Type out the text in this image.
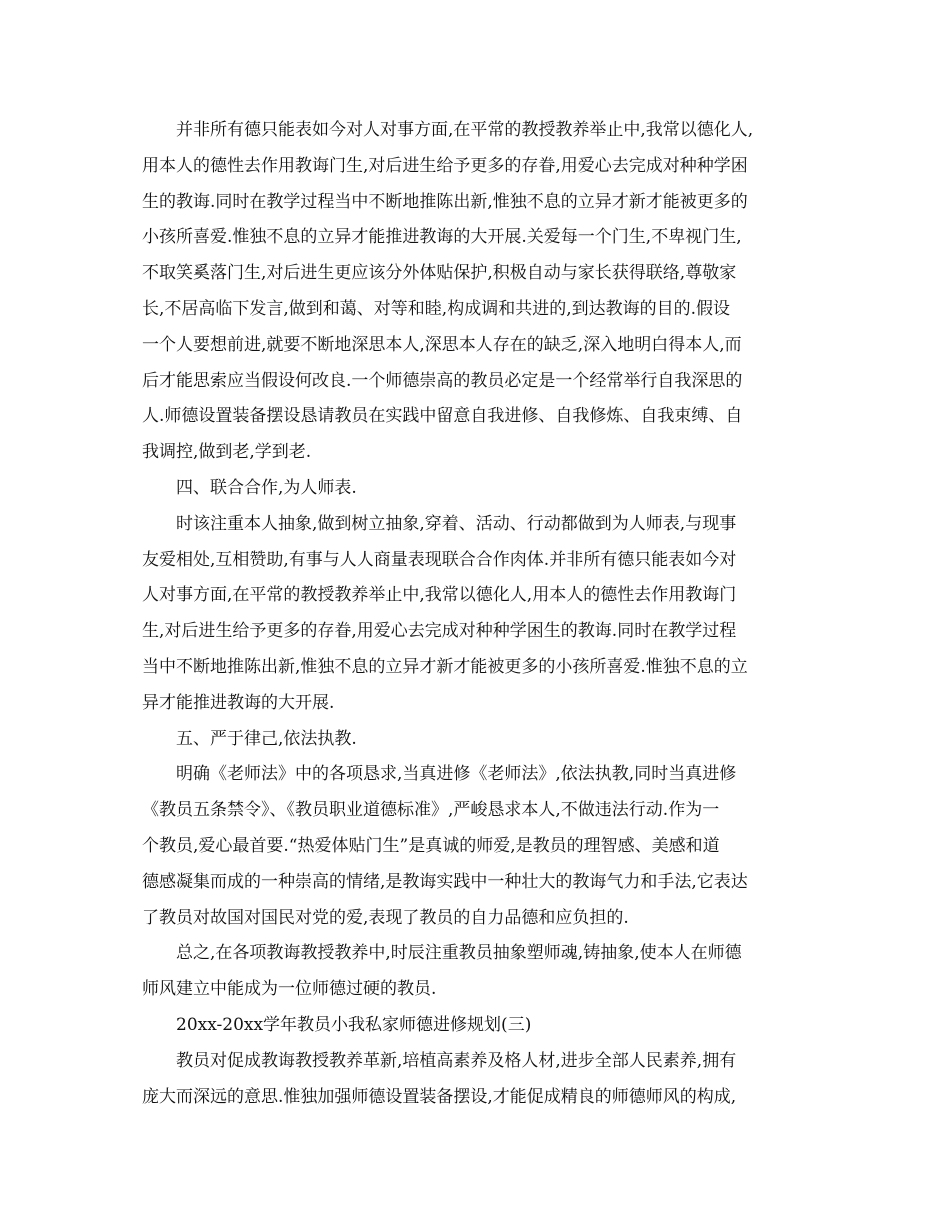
并非所有德只能表如今对人对事方面,在平常的教授教养举止中,我常以德化人,
用本人的德性去作用教诲门生,对后进生给予更多的存眷,用爱心去完成对种种学困
生的教诲.同时在教学过程当中不断地推陈出新,惟独不息的立异才新才能被更多的
小孩所喜爱.惟独不息的立异才能推进教诲的大开展.关爱每一个门生,不卑视门生,
不取笑奚落门生,对后进生更应该分外体贴保护,积极自动与家长获得联络,尊敬家
长,不居高临下发言,做到和蔼、对等和睦,构成调和共进的,到达教诲的目的.假设
一个人要想前进,就要不断地深思本人,深思本人存在的缺乏,深入地明白得本人,而
后才能思索应当假设何改良.一个师德崇高的教员必定是一个经常举行自我深思的
人.师德设置装备摆设恳请教员在实践中留意自我进修、自我修炼、自我束缚、自
我调控,做到老,学到老.
四、联合合作,为人师表.
时该注重本人抽象,做到树立抽象,穿着、活动、行动都做到为人师表,与现事
友爱相处,互相赞助,有事与人人商量表现联合合作肉体.并非所有德只能表如今对
人对事方面,在平常的教授教养举止中,我常以德化人,用本人的德性去作用教诲门
生,对后进生给予更多的存眷,用爱心去完成对种种学困生的教诲.同时在教学过程
当中不断地推陈出新,惟独不息的立异才新才能被更多的小孩所喜爱.惟独不息的立
异才能推进教诲的大开展.
五、严于律己,依法执教.
明确《老师法》中的各项恳求,当真进修《老师法》,依法执教,同时当真进修
《教员五条禁令》、《教员职业道德标准》,严峻恳求本人,不做违法行动.作为一
个教员,爱心最首要.“热爱体贴门生”是真诚的师爱,是教员的理智感、美感和道
德感凝集而成的一种崇高的情绪,是教诲实践中一种壮大的教诲气力和手法,它表达
了教员对故国对国民对党的爱,表现了教员的自力品德和应负担的.
总之,在各项教诲教授教养中,时辰注重教员抽象塑师魂,铸抽象,使本人在师德
师风建立中能成为一位师德过硬的教员.
20xx-20xx学年教员小我私家师德进修规划(三)
教员对促成教诲教授教养革新,培植高素养及格人材,进步全部人民素养,拥有
庞大而深远的意思.惟独加强师德设置装备摆设,才能促成精良的师德师风的构成,
